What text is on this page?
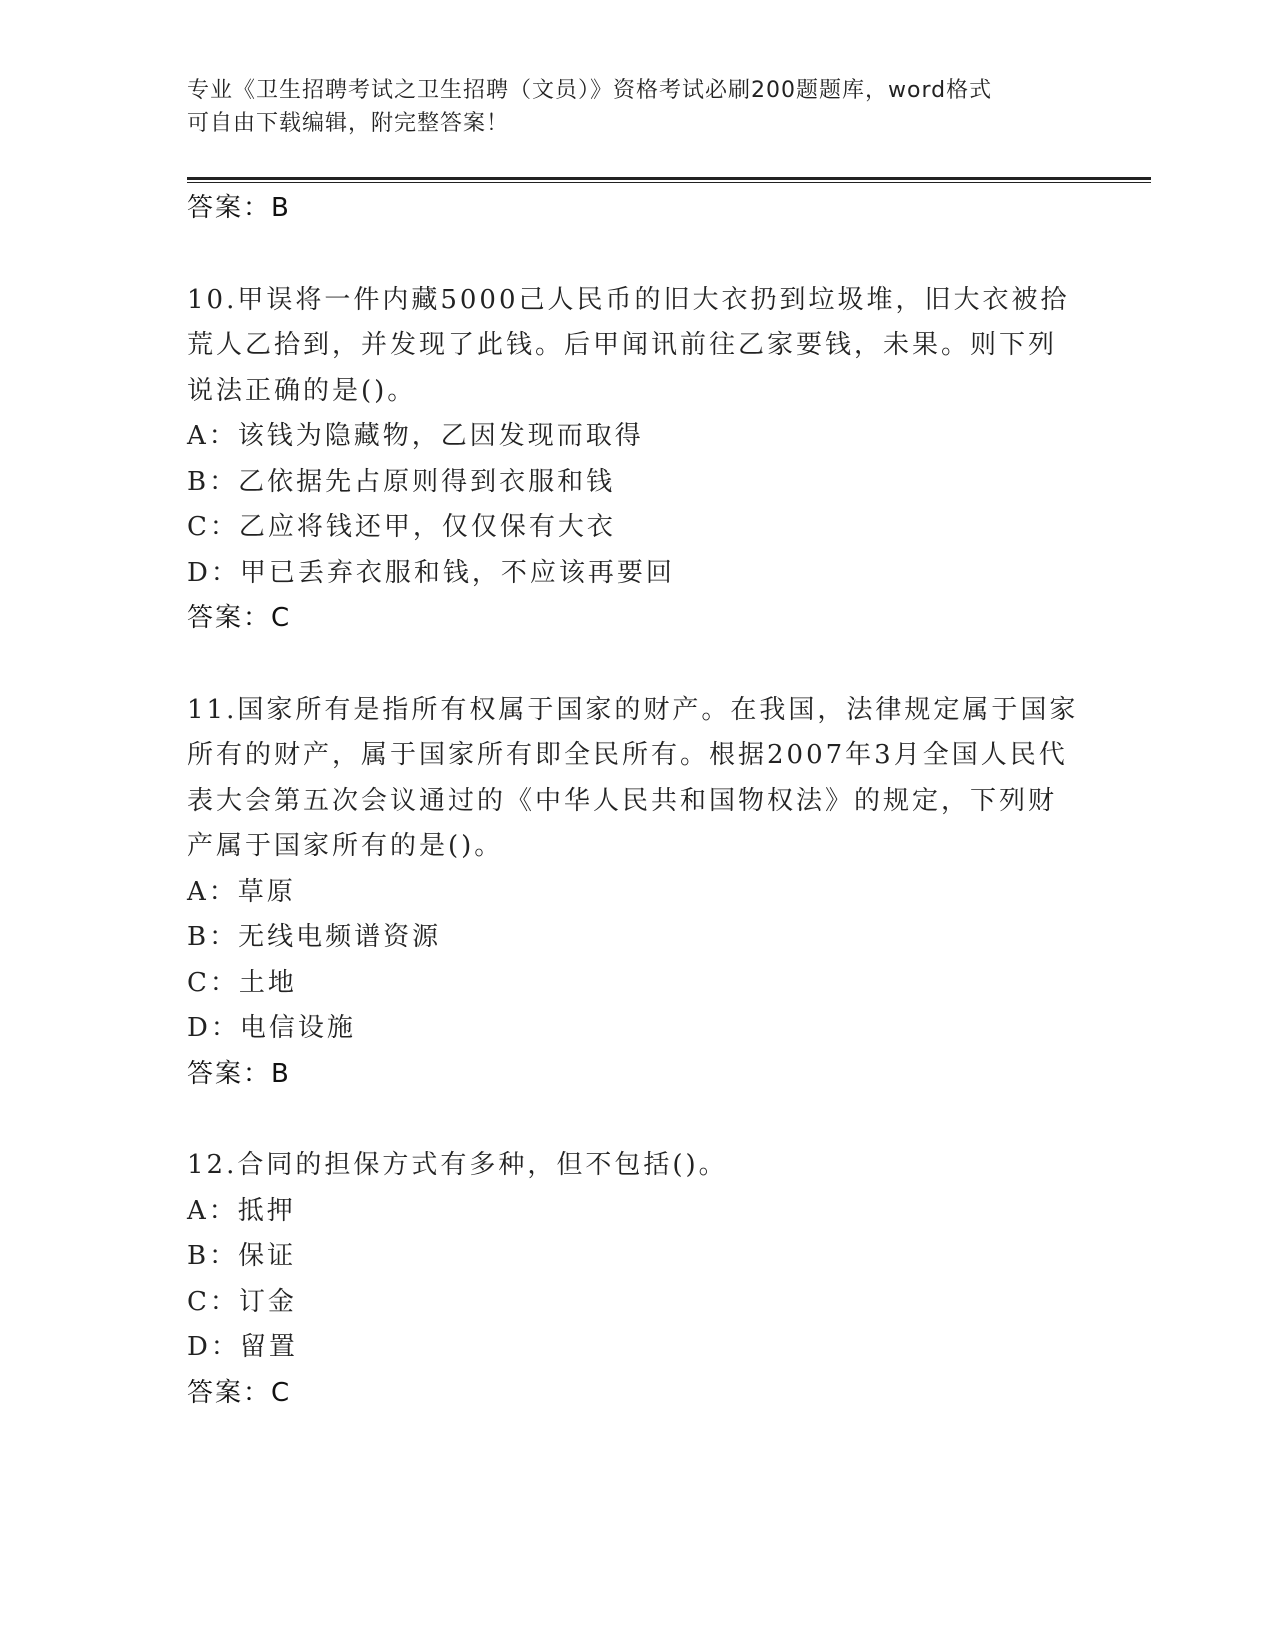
专业《卫生招聘考试之卫生招聘（文员）》资格考试必刷200题题库，word格式
可自由下载编辑，附完整答案！
答案：B
10.甲误将一件内藏5000己人民币的旧大衣扔到垃圾堆，旧大衣被拾
荒人乙拾到，并发现了此钱。后甲闻讯前往乙家要钱，未果。则下列
说法正确的是()。
A：该钱为隐藏物，乙因发现而取得
B：乙依据先占原则得到衣服和钱
C：乙应将钱还甲，仅仅保有大衣
D：甲已丢弃衣服和钱，不应该再要回
答案：C
11.国家所有是指所有权属于国家的财产。在我国，法律规定属于国家
所有的财产，属于国家所有即全民所有。根据2007年3月全国人民代
表大会第五次会议通过的《中华人民共和国物权法》的规定，下列财
产属于国家所有的是()。
A：草原
B：无线电频谱资源
C：土地
D：电信设施
答案：B
12.合同的担保方式有多种，但不包括()。
A：抵押
B：保证
C：订金
D：留置
答案：C
